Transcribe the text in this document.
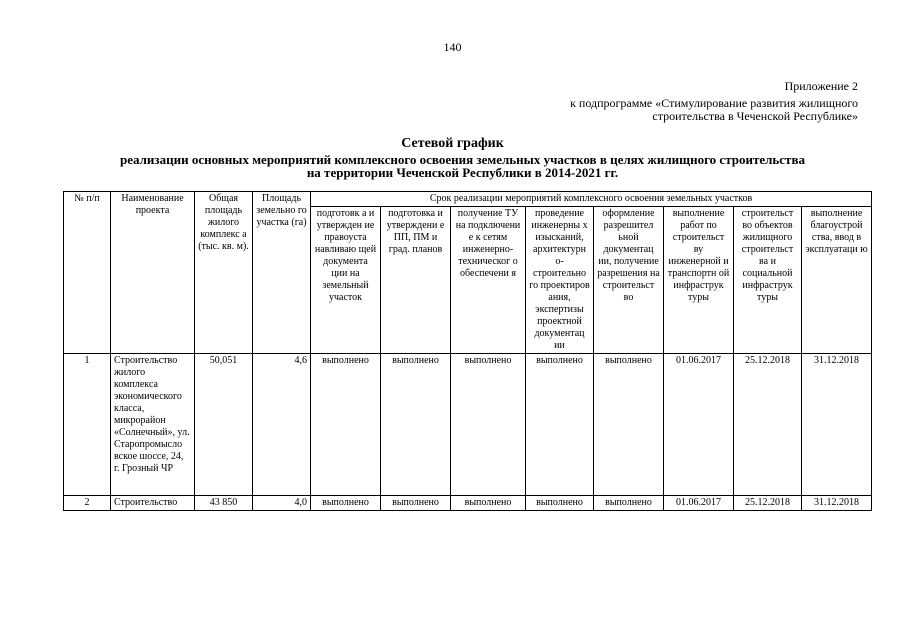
140
Приложение 2
к подпрограмме «Стимулирование развития жилищного
строительства в Чеченской Республике»
Сетевой график
реализации основных мероприятий комплексного освоения земельных участков в целях жилищного строительства
на территории Чеченской Республики в 2014-2021 гг.
№ п/п	Наименование проекта	Общая площадь жилого комплекс а (тыс. кв. м).	Площадь земельно го участка (га)	Срок реализации мероприятий комплексного освоения земельных участков							
				подготовк а и утвержден ие правоуста навливаю щей документа ции на земельный участок	подготовка и утверждени е ПП, ПМ и град. планов	получение ТУ на подключени е к сетям инженерно-техническог о обеспечени я	проведение инженерны х изысканий, архитектурн о-строительно го проектиров ания, экспертизы проектной документац ии	оформление разрешител ьной документац ии, получение разрешения на строительст во	выполнение работ по строительст ву инженерной и транспортн ой инфраструк туры	строительст во объектов жилищного строительст ва и социальной инфраструк туры	выполнение благоустрой ства, ввод в эксплуатаци ю
1	Строительство жилого комплекса экономического класса, микрорайон «Солнечный», ул. Старопромысло вское шоссе, 24, г. Грозный ЧР	50,051	4,6	выполнено	выполнено	выполнено	выполнено	выполнено	01.06.2017	25.12.2018	31.12.2018
2	Строительство	43 850	4,0	выполнено	выполнено	выполнено	выполнено	выполнено	01.06.2017	25.12.2018	31.12.2018
